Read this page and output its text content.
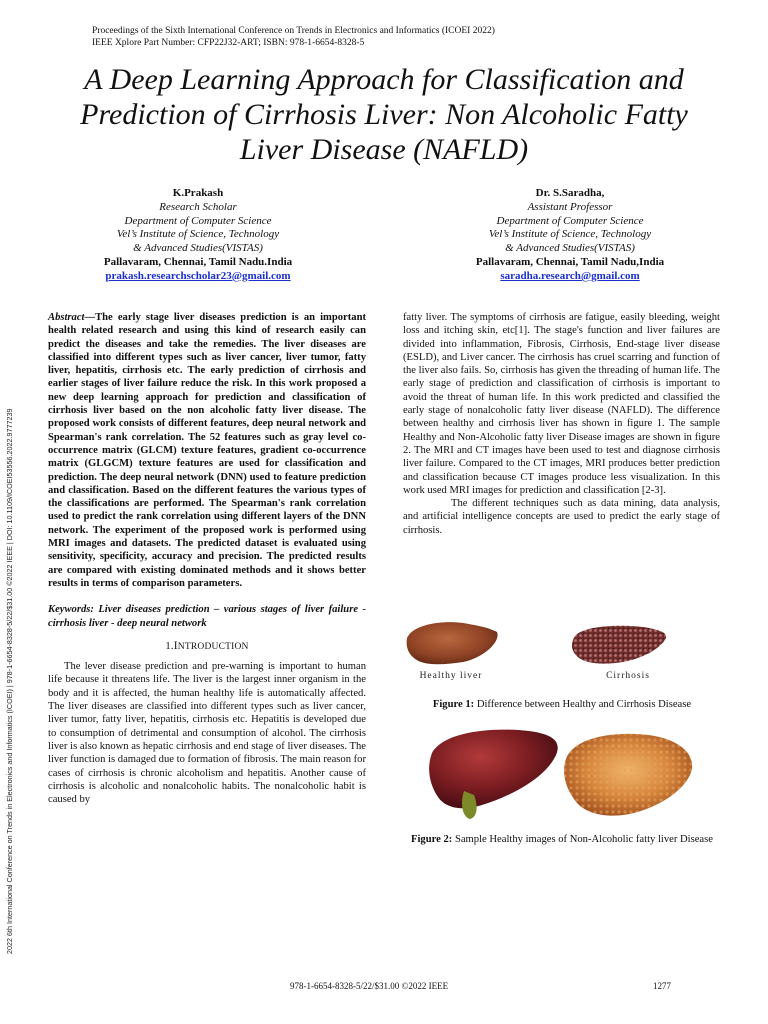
Proceedings of the Sixth International Conference on Trends in Electronics and Informatics (ICOEI 2022)
IEEE Xplore Part Number: CFP22J32-ART; ISBN: 978-1-6654-8328-5
A Deep Learning Approach for Classification and
Prediction of Cirrhosis Liver: Non Alcoholic Fatty
Liver Disease (NAFLD)
K.Prakash
Research Scholar
Department of Computer Science
Vel’s Institute of Science, Technology
& Advanced Studies(VISTAS)
Pallavaram, Chennai, Tamil Nadu.India
prakash.researchscholar23@gmail.com
Dr. S.Saradha,
Assistant Professor
Department of Computer Science
Vel’s Institute of Science, Technology
& Advanced Studies(VISTAS)
Pallavaram, Chennai, Tamil Nadu,India
saradha.research@gmail.com
2022 6th International Conference on Trends in Electronics and Informatics (ICOEI) | 978-1-6654-8328-5/22/$31.00 ©2022 IEEE | DOI: 10.1109/ICOEI53556.2022.9777239

Abstract—The early stage liver diseases prediction is an important health related research and using this kind of research easily can predict the diseases and take the remedies. The liver diseases are classified into different types such as liver cancer, liver tumor, fatty liver, hepatitis, cirrhosis etc. The early prediction of cirrhosis and earlier stages of liver failure reduce the risk. In this work proposed a new deep learning approach for prediction and classification of cirrhosis liver based on the non alcoholic fatty liver disease. The proposed work consists of different features, deep neural network and Spearman's rank correlation. The 52 features such as gray level co-occurrence matrix (GLCM) texture features, gradient co-occurrence matrix (GLGCM) texture features are used for classification and prediction. The deep neural network (DNN) used to feature prediction and classification. Based on the different features the various types of the classifications are performed. The Spearman's rank correlation used to predict the rank correlation using different layers of the DNN network. The experiment of the proposed work is performed using MRI images and datasets. The predicted dataset is evaluated using sensitivity, specificity, accuracy and precision. The predicted results are compared with existing dominated methods and it shows better results in terms of comparison parameters.

Keywords: Liver diseases prediction – various stages of liver failure -cirrhosis liver - deep neural network

1.INTRODUCTION

The lever disease prediction and pre-warning is important to human life because it threatens life. The liver is the largest inner organism in the body and it is affected, the human healthy life is automatically affected. The liver diseases are classified into different types such as liver cancer, liver tumor, fatty liver, hepatitis, cirrhosis etc. Hepatitis is developed due to consumption of detrimental and consumption of alcohol. The cirrhosis liver is also known as hepatic cirrhosis and end stage of liver diseases. The liver function is damaged due to formation of fibrosis. The main reason for cases of cirrhosis is chronic alcoholism and hepatitis. Another cause of cirrhosis is alcoholic and nonalcoholic habits. The nonalcoholic habit is caused by

fatty liver. The symptoms of cirrhosis are fatigue, easily bleeding, weight loss and itching skin, etc[1]. The stage's function and liver failures are divided into inflammation, Fibrosis, Cirrhosis, End-stage liver disease (ESLD), and Liver cancer. The cirrhosis has cruel scarring and function of the liver also fails. So, cirrhosis has given the threading of human life. The early stage of prediction and classification of cirrhosis is important to avoid the threat of human life. In this work predicted and classified the early stage of nonalcoholic fatty liver disease (NAFLD). The difference between healthy and cirrhosis liver has shown in figure 1. The sample Healthy and Non-Alcoholic fatty liver Disease images are shown in figure 2. The MRI and CT images have been used to test and diagnose cirrhosis liver failure. Compared to the CT images, MRI produces better prediction and classification because CT images produce less visualization. In this work used MRI images for prediction and classification [2-3].

The different techniques such as data mining, data analysis, and artificial intelligence concepts are used to predict the early stage of cirrhosis.

Healthy liver	Cirrhosis
Figure 1: Difference between Healthy and Cirrhosis Disease
Figure 2: Sample Healthy images of Non-Alcoholic fatty liver Disease
978-1-6654-8328-5/22/$31.00 ©2022 IEEE	1277
